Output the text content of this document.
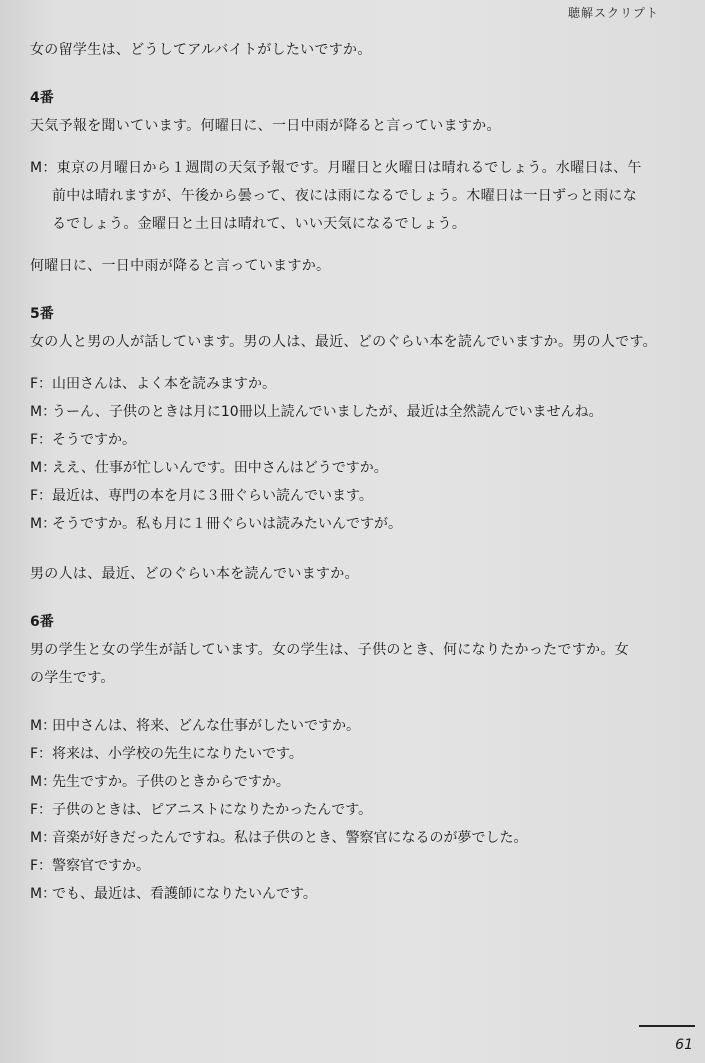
聴解スクリプト
女の留学生は、どうしてアルバイトがしたいですか。
4番
天気予報を聞いています。何曜日に、一日中雨が降ると言っていますか。
M：東京の月曜日から１週間の天気予報です。月曜日と火曜日は晴れるでしょう。水曜日は、午
前中は晴れますが、午後から曇って、夜には雨になるでしょう。木曜日は一日ずっと雨にな
るでしょう。金曜日と土日は晴れて、いい天気になるでしょう。
何曜日に、一日中雨が降ると言っていますか。
5番
女の人と男の人が話しています。男の人は、最近、どのぐらい本を読んでいますか。男の人です。
F： 山田さんは、よく本を読みますか。
M：
うーん、子供のときは月に10冊以上読んでいましたが、最近は全然読んでいませんね。
F： そうですか。
M：
ええ、仕事が忙しいんです。田中さんはどうですか。
F： 最近は、専門の本を月に３冊ぐらい読んでいます。
M：
そうですか。私も月に１冊ぐらいは読みたいんですが。
男の人は、最近、どのぐらい本を読んでいますか。
6番
男の学生と女の学生が話しています。女の学生は、子供のとき、何になりたかったですか。女
の学生です。
M：
田中さんは、将来、どんな仕事がしたいですか。
F： 将来は、小学校の先生になりたいです。
M：
先生ですか。子供のときからですか。
F： 子供のときは、ピアニストになりたかったんです。
M：
音楽が好きだったんですね。私は子供のとき、警察官になるのが夢でした。
F： 警察官ですか。
M：
でも、最近は、看護師になりたいんです。
61
